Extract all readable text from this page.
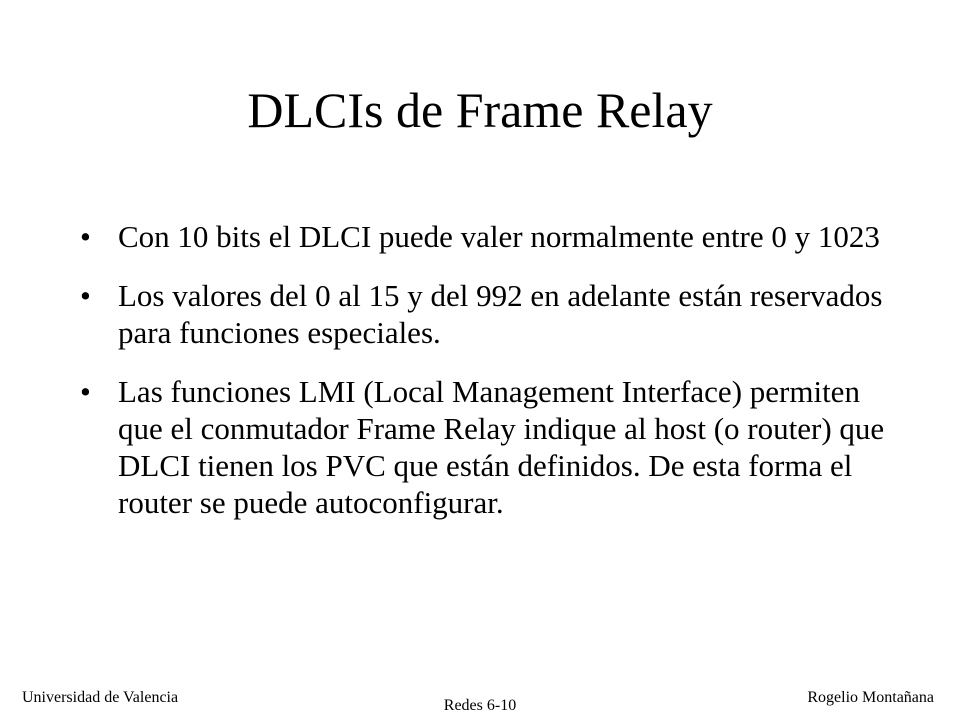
DLCIs de Frame Relay
• Con 10 bits el DLCI puede valer normalmente entre 0 y 1023
• Los valores del 0 al 15 y del 992 en adelante están reservados para funciones especiales.
• Las funciones LMI (Local Management Interface) permiten que el conmutador Frame Relay indique al host (o router) que DLCI tienen los PVC que están definidos. De esta forma el router se puede autoconfigurar.
Universidad de Valencia	Redes 6-10	Rogelio Montañana
